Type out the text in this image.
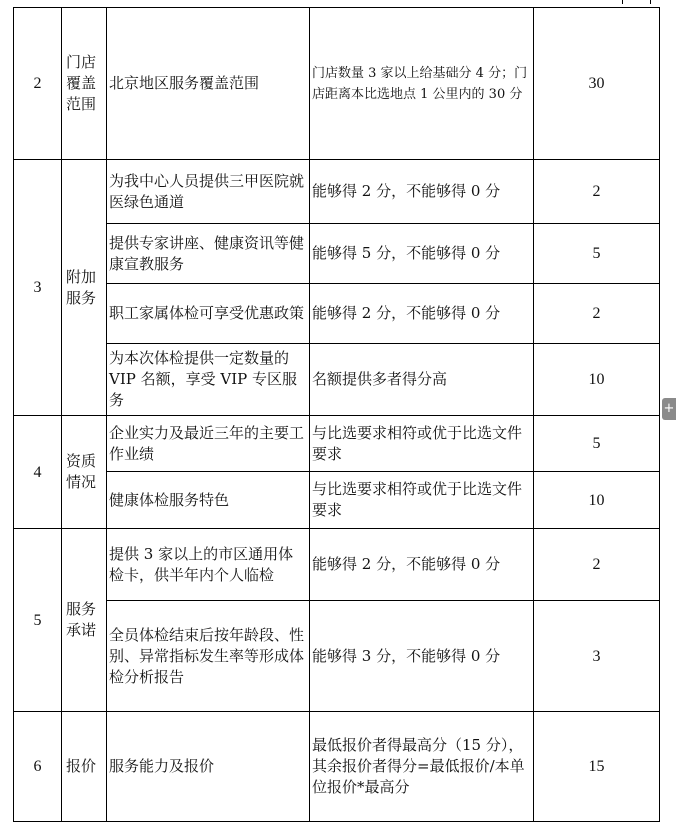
2	门店覆盖范围	北京地区服务覆盖范围	门店数量 3 家以上给基础分 4 分；门店距离本比选地点 1 公里内的 30 分	30
3	附加服务	为我中心人员提供三甲医院就医绿色通道	能够得 2 分，不能够得 0 分	2
		提供专家讲座、健康资讯等健康宣教服务	能够得 5 分，不能够得 0 分	5
		职工家属体检可享受优惠政策	能够得 2 分，不能够得 0 分	2
		为本次体检提供一定数量的 VIP 名额，享受 VIP 专区服务	名额提供多者得分高	10
4	资质情况	企业实力及最近三年的主要工作业绩	与比选要求相符或优于比选文件要求	5
		健康体检服务特色	与比选要求相符或优于比选文件要求	10
5	服务承诺	提供 3 家以上的市区通用体检卡，供半年内个人临检	能够得 2 分，不能够得 0 分	2
		全员体检结束后按年龄段、性别、异常指标发生率等形成体检分析报告	能够得 3 分，不能够得 0 分	3
6	报价	服务能力及报价	最低报价者得最高分（15 分），其余报价者得分=最低报价/本单位报价*最高分	15
+
